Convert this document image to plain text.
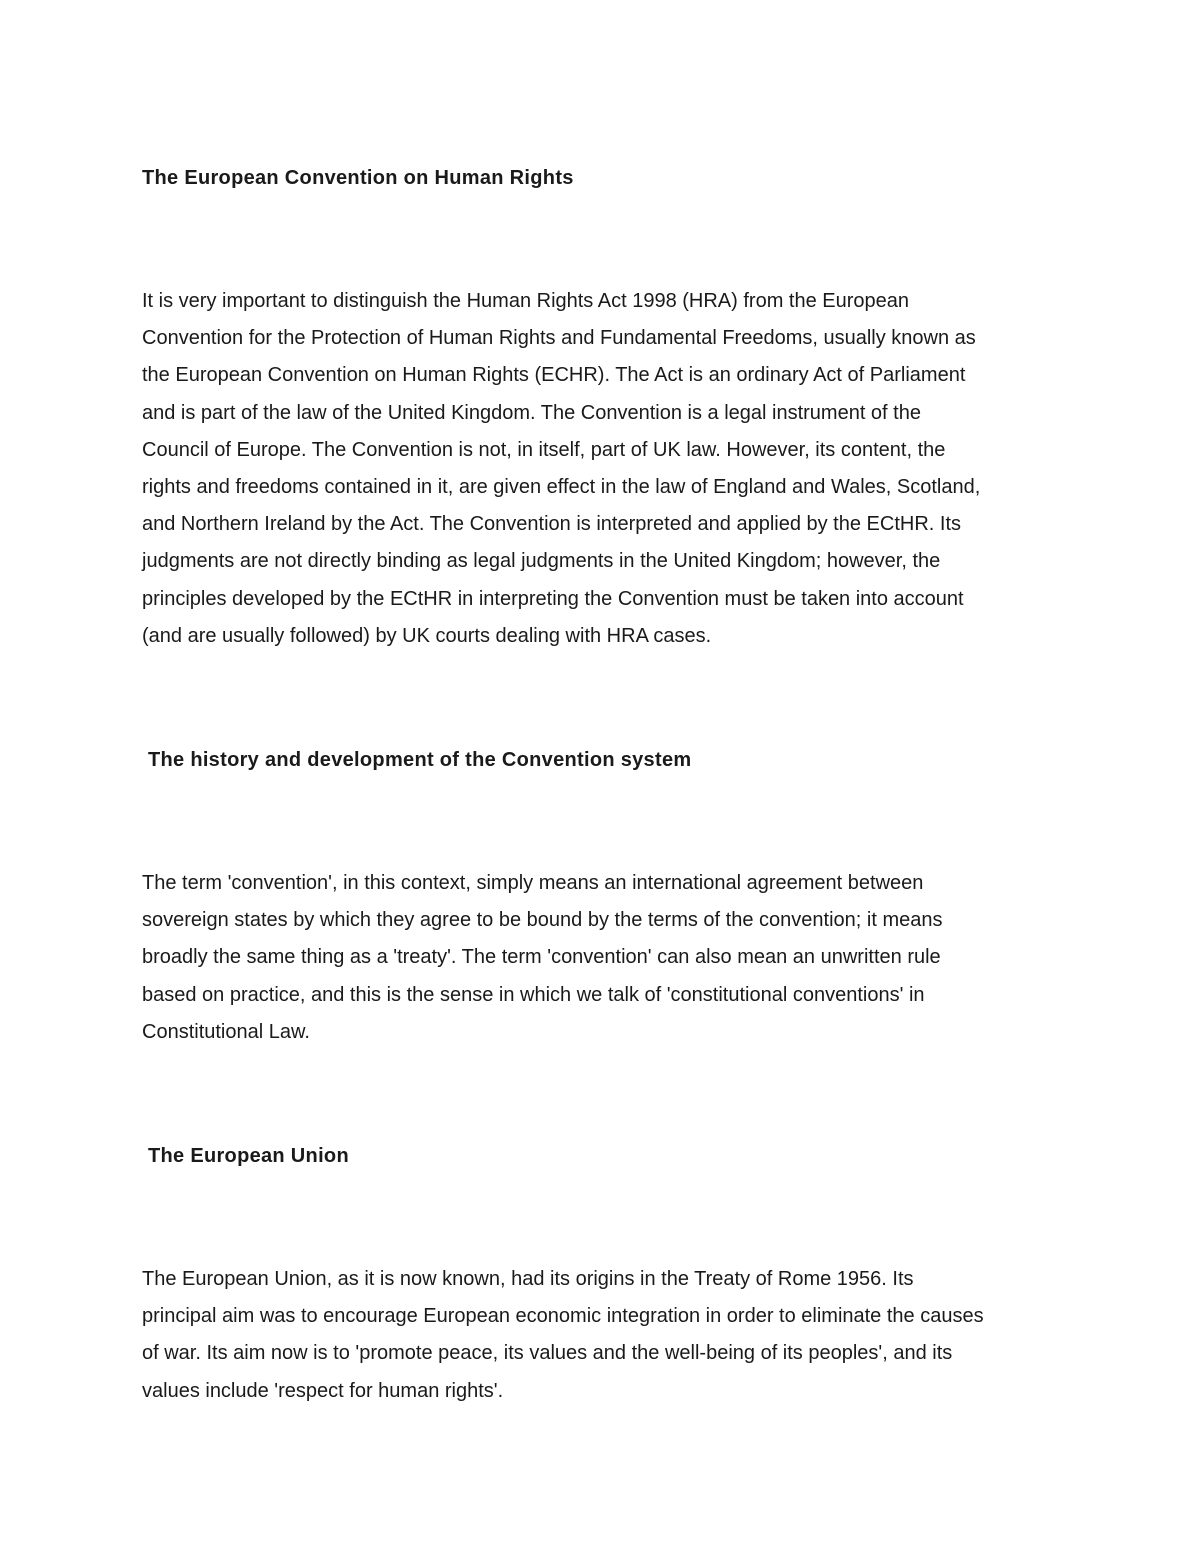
The European Convention on Human Rights
It is very important to distinguish the Human Rights Act 1998 (HRA) from the European
Convention for the Protection of Human Rights and Fundamental Freedoms, usually known as
the European Convention on Human Rights (ECHR). The Act is an ordinary Act of Parliament
and is part of the law of the United Kingdom. The Convention is a legal instrument of the
Council of Europe. The Convention is not, in itself, part of UK law. However, its content, the
rights and freedoms contained in it, are given effect in the law of England and Wales, Scotland,
and Northern Ireland by the Act. The Convention is interpreted and applied by the ECtHR. Its
judgments are not directly binding as legal judgments in the United Kingdom; however, the
principles developed by the ECtHR in interpreting the Convention must be taken into account
(and are usually followed) by UK courts dealing with HRA cases.
The history and development of the Convention system
The term 'convention', in this context, simply means an international agreement between
sovereign states by which they agree to be bound by the terms of the convention; it means
broadly the same thing as a 'treaty'. The term 'convention' can also mean an unwritten rule
based on practice, and this is the sense in which we talk of 'constitutional conventions' in
Constitutional Law.
The European Union
The European Union, as it is now known, had its origins in the Treaty of Rome 1956. Its
principal aim was to encourage European economic integration in order to eliminate the causes
of war. Its aim now is to 'promote peace, its values and the well-being of its peoples', and its
values include 'respect for human rights'.
